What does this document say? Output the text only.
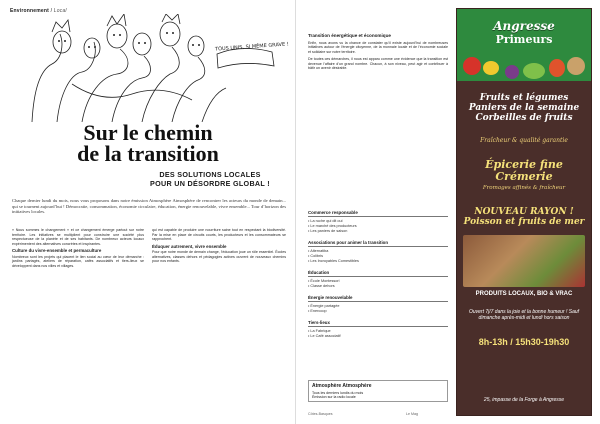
Environnement / Local
TOUS UNIS, SI MÊME GRAVE !
Sur le chemin
de la transition
DES SOLUTIONS LOCALES
POUR UN DÉSORDRE GLOBAL !

Chaque dernier lundi du mois, nous vous proposons dans notre émission Atmosphère Atmosphère de rencontrer les acteurs du monde de demain... qui se tournent aujourd’hui ! Démocratie, consommation, économie circulaire, éducation, énergie renouvelable, vivre ensemble... Tour d’horizon des initiatives locales.

« Nous sommes le changement » et ce changement émerge partout sur notre territoire. Les initiatives se multiplient pour construire une société plus respectueuse de la planète et de ses habitants. De nombreux acteurs locaux expérimentent des alternatives concrètes et inspirantes.

Culture du vivre-ensemble et permaculture

Nombreux sont les projets qui placent le lien social au cœur de leur démarche : jardins partagés, ateliers de réparation, cafés associatifs et tiers-lieux se développent dans nos villes et villages.

qui est capable de produire une nourriture saine tout en respectant la biodiversité. Par la mise en place de circuits courts, les producteurs et les consommateurs se rapprochent.

Éduquer autrement, vivre ensemble

Pour que notre monde de demain change, l’éducation joue un rôle essentiel. Écoles alternatives, classes dehors et pédagogies actives ouvrent de nouveaux chemins pour nos enfants.

Transition énergétique et économique

Enfin, nous avons vu la chance de constater qu’il existe aujourd’hui de nombreuses initiatives autour de l’énergie citoyenne, de la monnaie locale et de l’économie sociale et solidaire sur notre territoire.

De toutes ces démarches, il nous est apparu comme une évidence que la transition est devenue l’affaire d’un grand nombre. Chacun, à son niveau, peut agir et contribuer à bâtir un avenir désirable.

Commerce responsable
• La ruche qui dit oui
• Le marché des producteurs
• Les paniers de saison
Associations pour animer la transition
• Alternatiba
• Colibris
• Les Incroyables Comestibles
Éducation
• École Montessori
• Classe dehors
Énergie renouvelable
• Énergie partagée
• Enercoop
Tiers-lieux
• La Fabrique
• Le Café associatif
Atmosphère Atmosphère
Tous les derniers lundis du mois
Émission sur la radio locale
Côtes-Basques	Le Mag
Angresse
Primeurs
Fruits et légumes Paniers de la semaine Corbeilles de fruits
Fraîcheur & qualité garantie
Épicerie fine Crémerie
Fromages affinés & fraîcheur
NOUVEAU RAYON ! Poisson et fruits de mer
PRODUITS LOCAUX, BIO & VRAC
Ouvert 7j/7 dans la joie et la bonne humeur ! Sauf dimanche après-midi et lundi hors saison
8h-13h / 15h30-19h30
25, impasse de la Forge à Angresse
